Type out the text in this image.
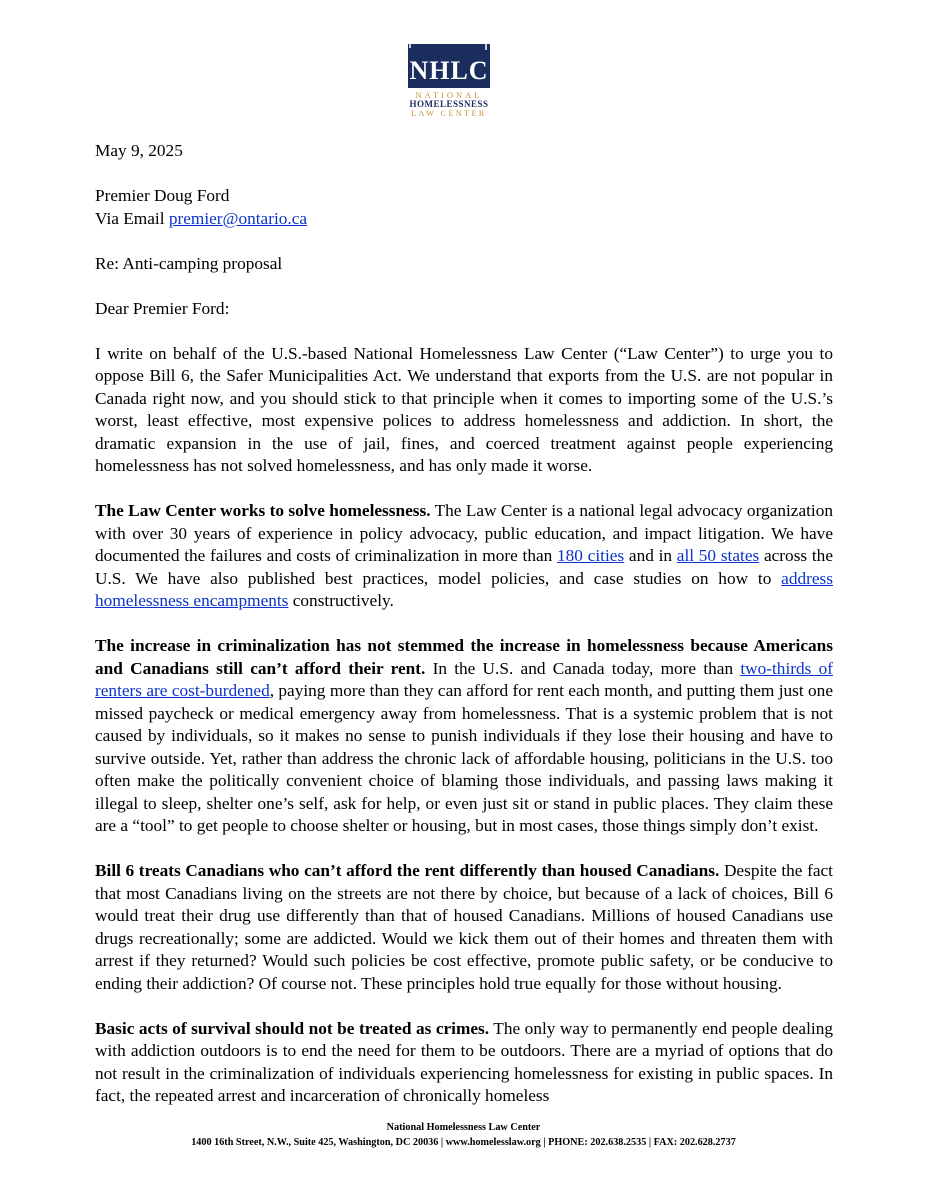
NHLC
NATIONAL
HOMELESSNESS
LAW CENTER

May 9, 2025

Premier Doug Ford
Via Email premier@ontario.ca

Re: Anti-camping proposal

Dear Premier Ford:

I write on behalf of the U.S.-based National Homelessness Law Center (“Law Center”) to urge you to oppose Bill 6, the Safer Municipalities Act. We understand that exports from the U.S. are not popular in Canada right now, and you should stick to that principle when it comes to importing some of the U.S.’s worst, least effective, most expensive polices to address homelessness and addiction. In short, the dramatic expansion in the use of jail, fines, and coerced treatment against people experiencing homelessness has not solved homelessness, and has only made it worse.

The Law Center works to solve homelessness. The Law Center is a national legal advocacy organization with over 30 years of experience in policy advocacy, public education, and impact litigation. We have documented the failures and costs of criminalization in more than 180 cities and in all 50 states across the U.S. We have also published best practices, model policies, and case studies on how to address homelessness encampments constructively.

The increase in criminalization has not stemmed the increase in homelessness because Americans and Canadians still can’t afford their rent. In the U.S. and Canada today, more than two-thirds of renters are cost-burdened, paying more than they can afford for rent each month, and putting them just one missed paycheck or medical emergency away from homelessness. That is a systemic problem that is not caused by individuals, so it makes no sense to punish individuals if they lose their housing and have to survive outside. Yet, rather than address the chronic lack of affordable housing, politicians in the U.S. too often make the politically convenient choice of blaming those individuals, and passing laws making it illegal to sleep, shelter one’s self, ask for help, or even just sit or stand in public places. They claim these are a “tool” to get people to choose shelter or housing, but in most cases, those things simply don’t exist.

Bill 6 treats Canadians who can’t afford the rent differently than housed Canadians. Despite the fact that most Canadians living on the streets are not there by choice, but because of a lack of choices, Bill 6 would treat their drug use differently than that of housed Canadians. Millions of housed Canadians use drugs recreationally; some are addicted. Would we kick them out of their homes and threaten them with arrest if they returned? Would such policies be cost effective, promote public safety, or be conducive to ending their addiction? Of course not. These principles hold true equally for those without housing.

Basic acts of survival should not be treated as crimes. The only way to permanently end people dealing with addiction outdoors is to end the need for them to be outdoors. There are a myriad of options that do not result in the criminalization of individuals experiencing homelessness for existing in public spaces. In fact, the repeated arrest and incarceration of chronically homeless

National Homelessness Law Center
1400 16th Street, N.W., Suite 425, Washington, DC 20036 | www.homelesslaw.org | PHONE: 202.638.2535 | FAX: 202.628.2737
